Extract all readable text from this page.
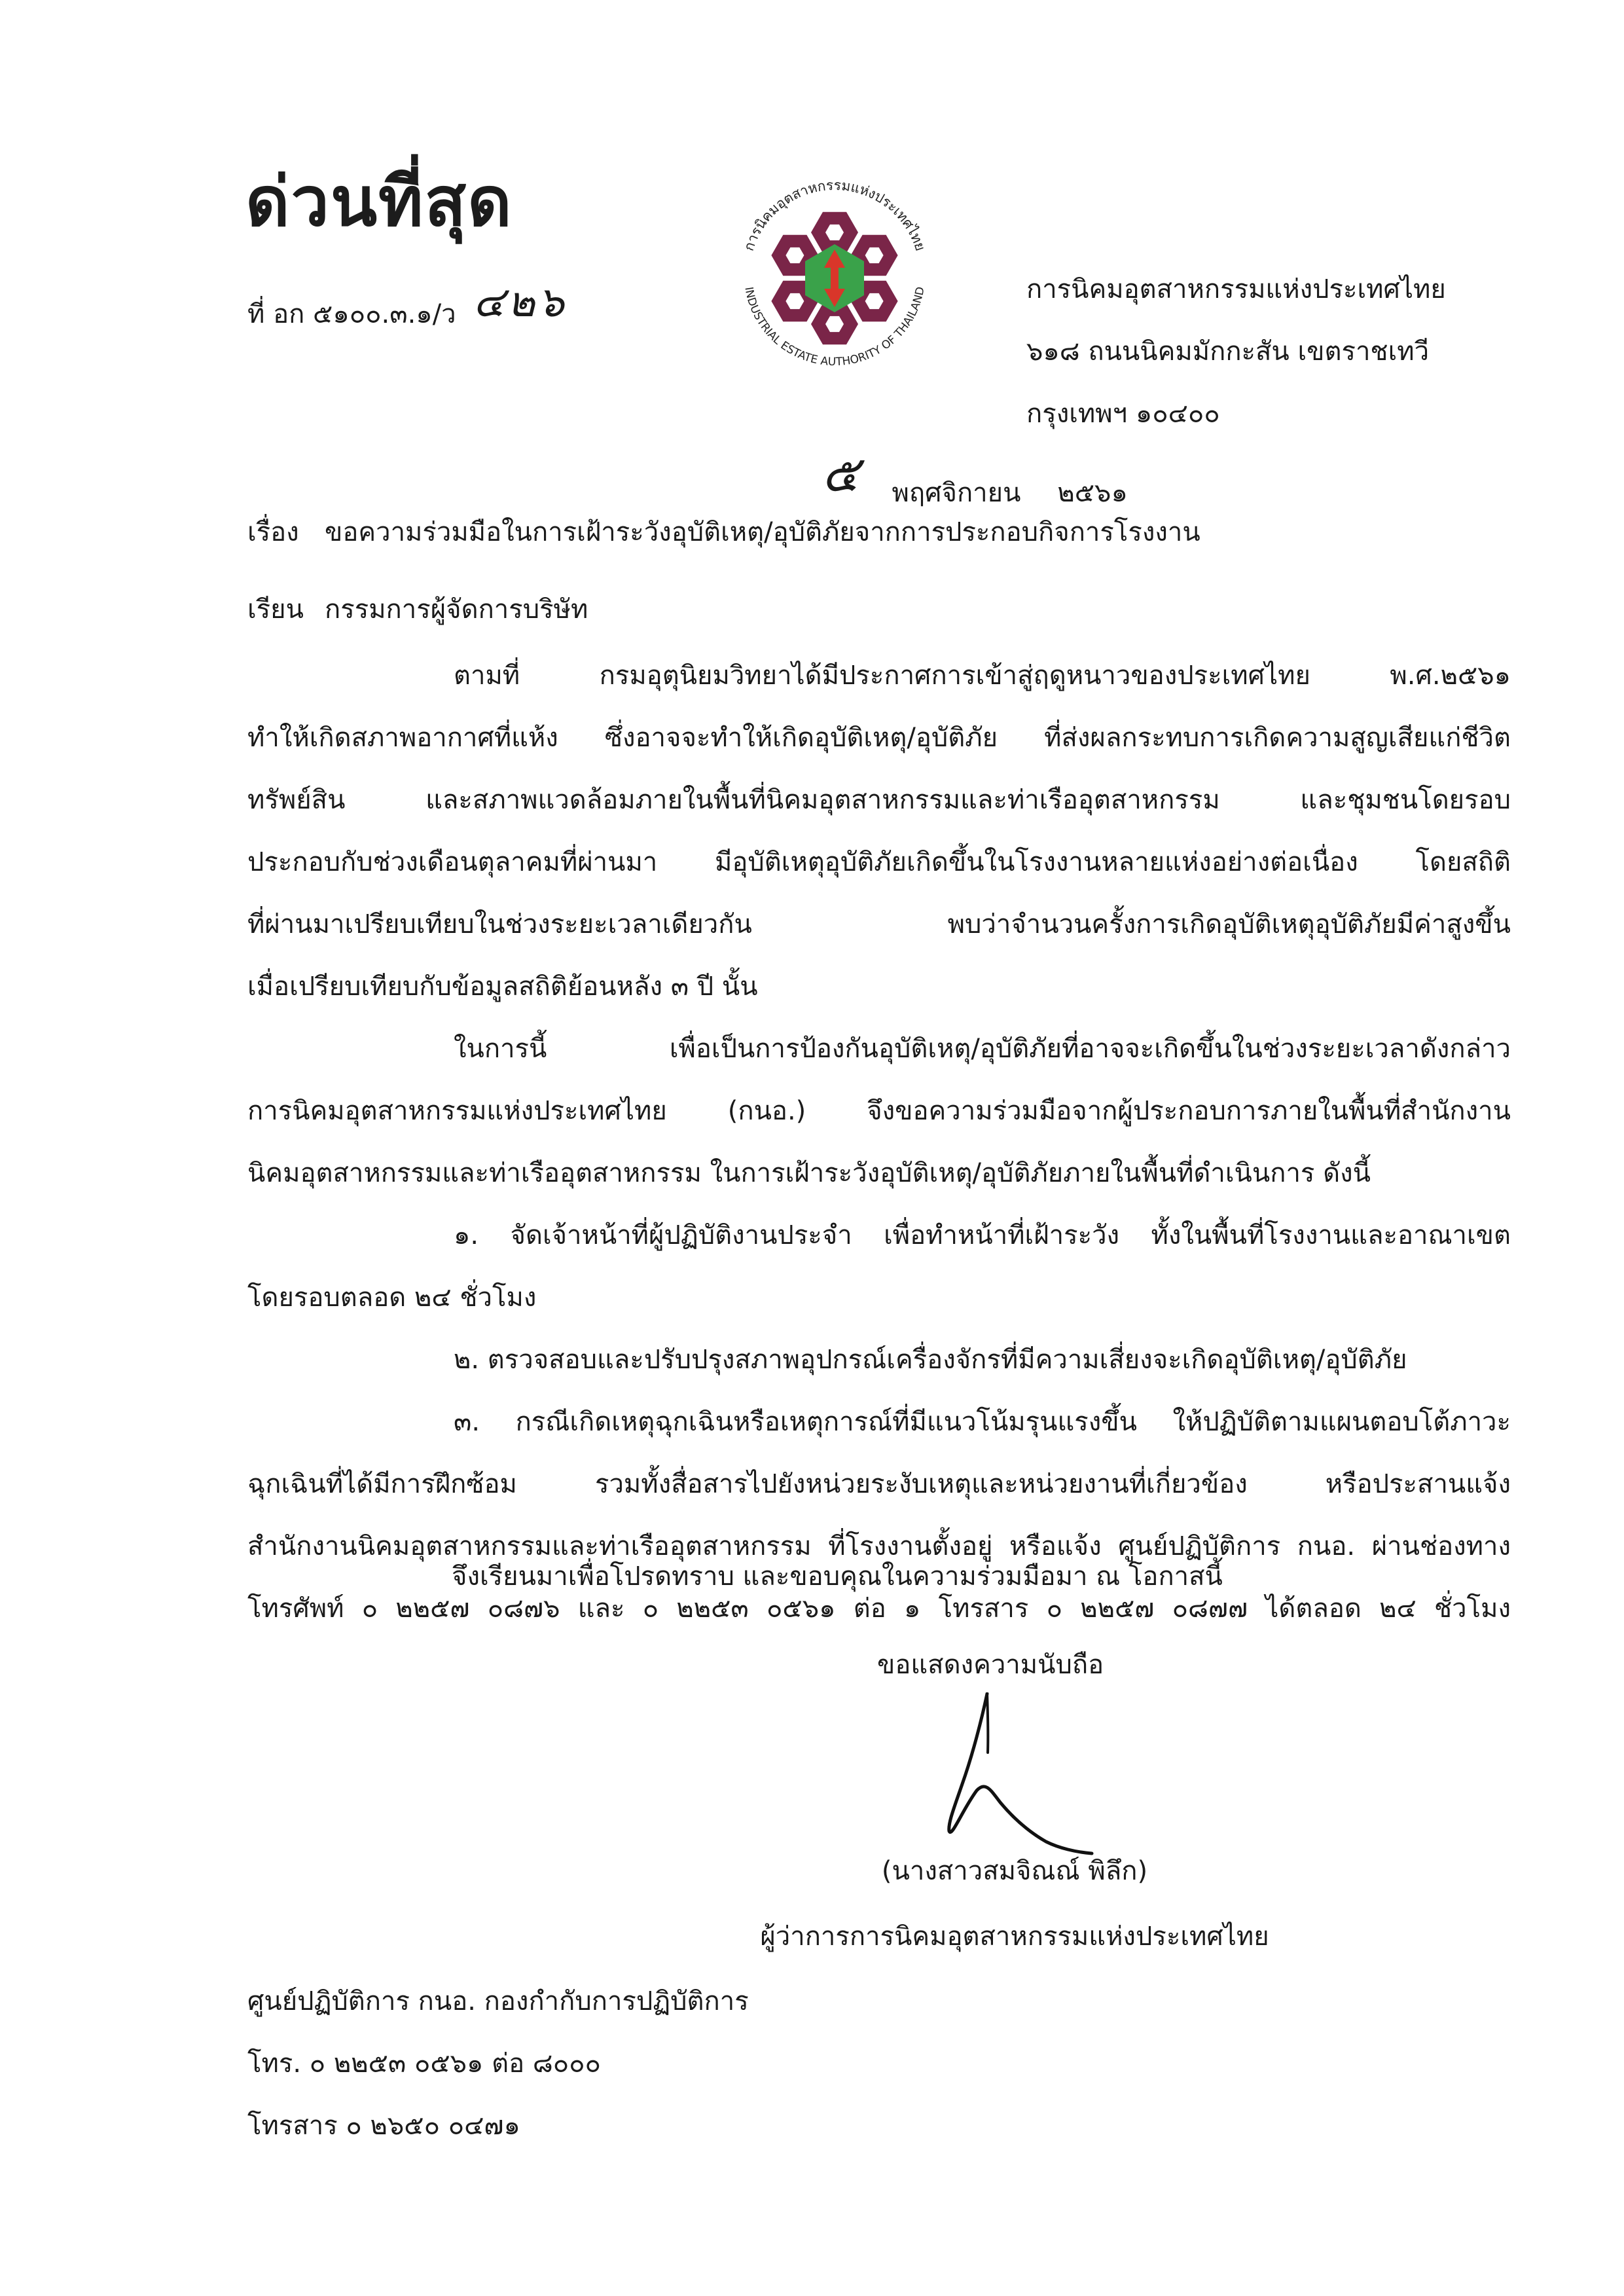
ด่วนที่สุด
ที่ อก ๕๑๐๐.๓.๑/ว ๔๒๖
การนิคมอุตสาหกรรมแห่งประเทศไทย
INDUSTRIAL ESTATE AUTHORITY OF THAILAND	การนิคมอุตสาหกรรมแห่งประเทศไทย
๖๑๘ ถนนนิคมมักกะสัน เขตราชเทวี
กรุงเทพฯ ๑๐๔๐๐
๕ พฤศจิกายน ๒๕๖๑
เรื่อง ขอความร่วมมือในการเฝ้าระวังอุบัติเหตุ/อุบัติภัยจากการประกอบกิจการโรงงาน
เรียน กรรมการผู้จัดการบริษัท
ตามที่ กรมอุตุนิยมวิทยาได้มีประกาศการเข้าสู่ฤดูหนาวของประเทศไทย พ.ศ.๒๕๖๑
ทำให้เกิดสภาพอากาศที่แห้ง ซึ่งอาจจะทำให้เกิดอุบัติเหตุ/อุบัติภัย ที่ส่งผลกระทบการเกิดความสูญเสียแก่ชีวิต
ทรัพย์สิน และสภาพแวดล้อมภายในพื้นที่นิคมอุตสาหกรรมและท่าเรืออุตสาหกรรม และชุมชนโดยรอบ
ประกอบกับช่วงเดือนตุลาคมที่ผ่านมา มีอุบัติเหตุอุบัติภัยเกิดขึ้นในโรงงานหลายแห่งอย่างต่อเนื่อง โดยสถิติ
ที่ผ่านมาเปรียบเทียบในช่วงระยะเวลาเดียวกัน พบว่าจำนวนครั้งการเกิดอุบัติเหตุอุบัติภัยมีค่าสูงขึ้น
เมื่อเปรียบเทียบกับข้อมูลสถิติย้อนหลัง ๓ ปี นั้น
ในการนี้ เพื่อเป็นการป้องกันอุบัติเหตุ/อุบัติภัยที่อาจจะเกิดขึ้นในช่วงระยะเวลาดังกล่าว
การนิคมอุตสาหกรรมแห่งประเทศไทย (กนอ.) จึงขอความร่วมมือจากผู้ประกอบการภายในพื้นที่สำนักงาน
นิคมอุตสาหกรรมและท่าเรืออุตสาหกรรม ในการเฝ้าระวังอุบัติเหตุ/อุบัติภัยภายในพื้นที่ดำเนินการ ดังนี้
๑. จัดเจ้าหน้าที่ผู้ปฏิบัติงานประจำ เพื่อทำหน้าที่เฝ้าระวัง ทั้งในพื้นที่โรงงานและอาณาเขต
โดยรอบตลอด ๒๔ ชั่วโมง
๒. ตรวจสอบและปรับปรุงสภาพอุปกรณ์เครื่องจักรที่มีความเสี่ยงจะเกิดอุบัติเหตุ/อุบัติภัย
๓. กรณีเกิดเหตุฉุกเฉินหรือเหตุการณ์ที่มีแนวโน้มรุนแรงขึ้น ให้ปฏิบัติตามแผนตอบโต้ภาวะ
ฉุกเฉินที่ได้มีการฝึกซ้อม รวมทั้งสื่อสารไปยังหน่วยระงับเหตุและหน่วยงานที่เกี่ยวข้อง หรือประสานแจ้ง
สำนักงานนิคมอุตสาหกรรมและท่าเรืออุตสาหกรรม ที่โรงงานตั้งอยู่ หรือแจ้ง ศูนย์ปฏิบัติการ กนอ. ผ่านช่องทาง
โทรศัพท์ ๐ ๒๒๕๗ ๐๘๗๖ และ ๐ ๒๒๕๓ ๐๕๖๑ ต่อ ๑ โทรสาร ๐ ๒๒๕๗ ๐๘๗๗ ได้ตลอด ๒๔ ชั่วโมง
จึงเรียนมาเพื่อโปรดทราบ และขอบคุณในความร่วมมือมา ณ โอกาสนี้
ขอแสดงความนับถือ
(นางสาวสมจิณณ์ พิลึก)
ผู้ว่าการการนิคมอุตสาหกรรมแห่งประเทศไทย
ศูนย์ปฏิบัติการ กนอ. กองกำกับการปฏิบัติการ
โทร. ๐ ๒๒๕๓ ๐๕๖๑ ต่อ ๘๐๐๐
โทรสาร ๐ ๒๖๕๐ ๐๔๗๑
